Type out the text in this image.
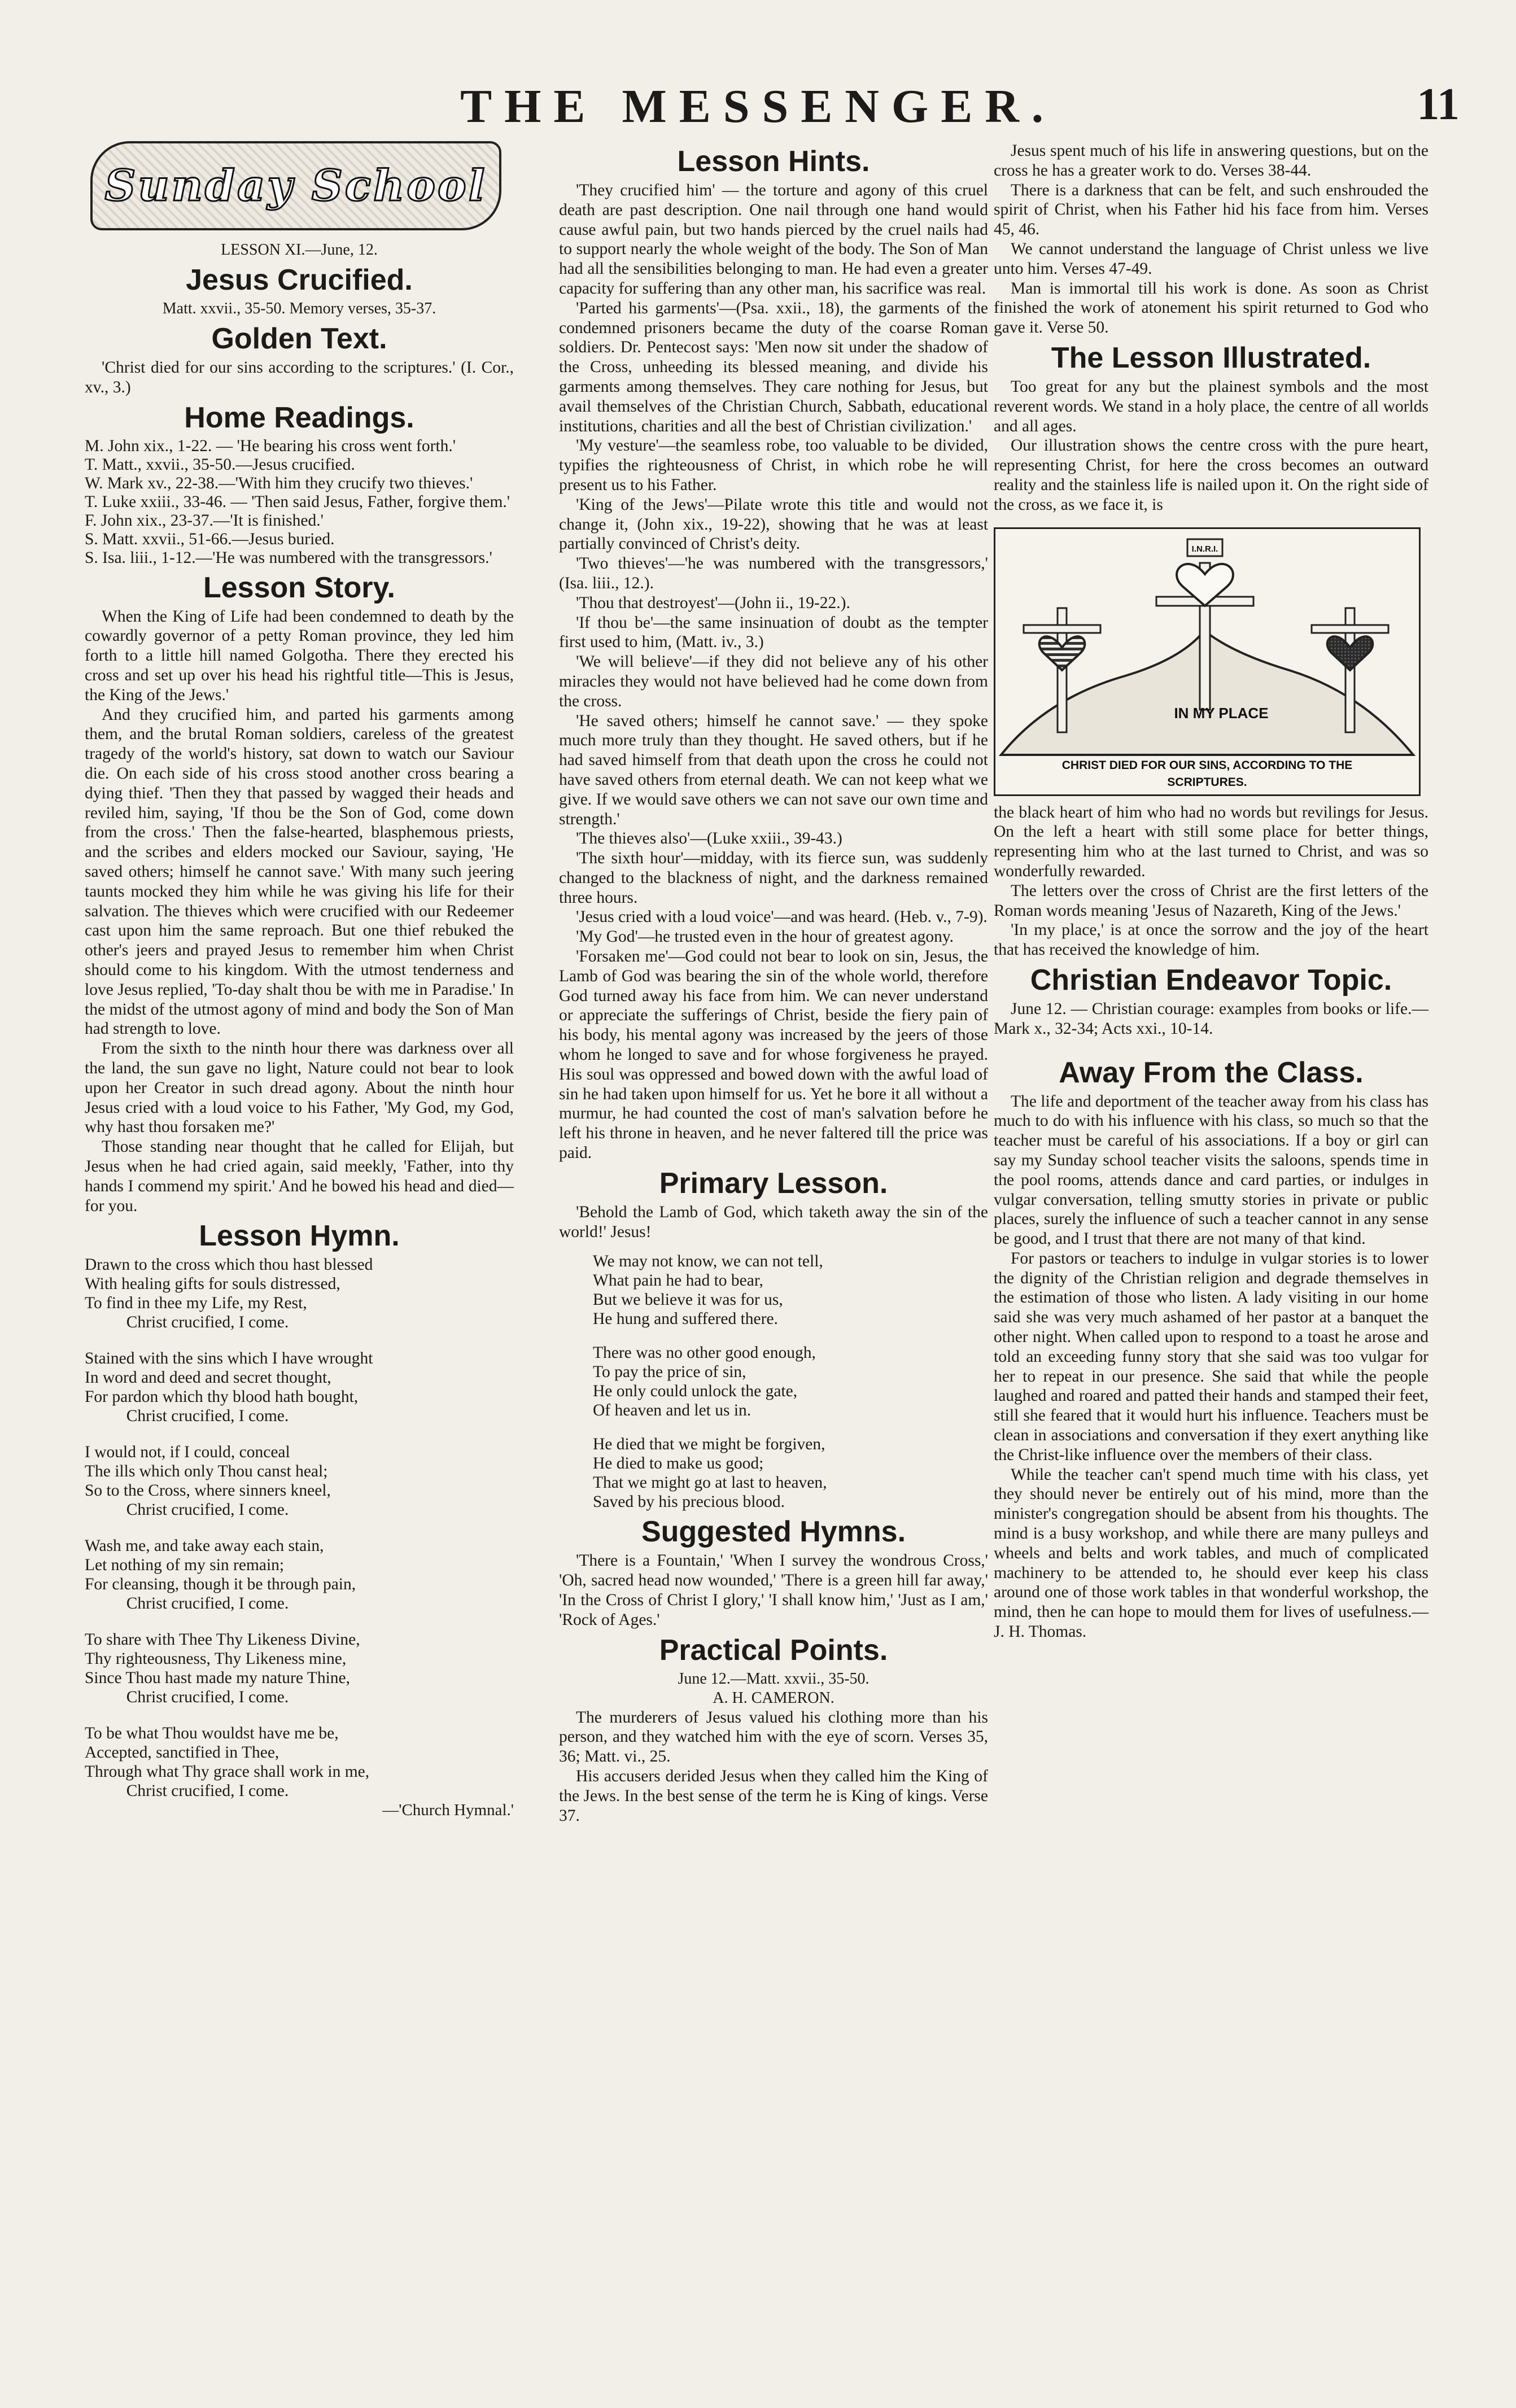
THE MESSENGER.	11
Sunday School

LESSON XI.—June, 12.

Jesus Crucified.

Matt. xxvii., 35-50. Memory verses, 35-37.

Golden Text.

'Christ died for our sins according to the scriptures.' (I. Cor., xv., 3.)

Home Readings.

M. John xix., 1-22. — 'He bearing his cross went forth.'

T. Matt., xxvii., 35-50.—Jesus crucified.

W. Mark xv., 22-38.—'With him they crucify two thieves.'

T. Luke xxiii., 33-46. — 'Then said Jesus, Father, forgive them.'

F. John xix., 23-37.—'It is finished.'

S. Matt. xxvii., 51-66.—Jesus buried.

S. Isa. liii., 1-12.—'He was numbered with the transgressors.'

Lesson Story.

When the King of Life had been condemned to death by the cowardly governor of a petty Roman province, they led him forth to a little hill named Golgotha. There they erected his cross and set up over his head his rightful title—This is Jesus, the King of the Jews.'

And they crucified him, and parted his garments among them, and the brutal Roman soldiers, careless of the greatest tragedy of the world's history, sat down to watch our Saviour die. On each side of his cross stood another cross bearing a dying thief. 'Then they that passed by wagged their heads and reviled him, saying, 'If thou be the Son of God, come down from the cross.' Then the false-hearted, blasphemous priests, and the scribes and elders mocked our Saviour, saying, 'He saved others; himself he cannot save.' With many such jeering taunts mocked they him while he was giving his life for their salvation. The thieves which were crucified with our Redeemer cast upon him the same reproach. But one thief rebuked the other's jeers and prayed Jesus to remember him when Christ should come to his kingdom. With the utmost tenderness and love Jesus replied, 'To-day shalt thou be with me in Paradise.' In the midst of the utmost agony of mind and body the Son of Man had strength to love.

From the sixth to the ninth hour there was darkness over all the land, the sun gave no light, Nature could not bear to look upon her Creator in such dread agony. About the ninth hour Jesus cried with a loud voice to his Father, 'My God, my God, why hast thou forsaken me?'

Those standing near thought that he called for Elijah, but Jesus when he had cried again, said meekly, 'Father, into thy hands I commend my spirit.' And he bowed his head and died—for you.

Lesson Hymn.
Drawn to the cross which thou hast blessed
With healing gifts for souls distressed,
To find in thee my Life, my Rest,
Christ crucified, I come.
Stained with the sins which I have wrought
In word and deed and secret thought,
For pardon which thy blood hath bought,
Christ crucified, I come.
I would not, if I could, conceal
The ills which only Thou canst heal;
So to the Cross, where sinners kneel,
Christ crucified, I come.
Wash me, and take away each stain,
Let nothing of my sin remain;
For cleansing, though it be through pain,
Christ crucified, I come.
To share with Thee Thy Likeness Divine,
Thy righteousness, Thy Likeness mine,
Since Thou hast made my nature Thine,
Christ crucified, I come.
To be what Thou wouldst have me be,
Accepted, sanctified in Thee,
Through what Thy grace shall work in me,
Christ crucified, I come.

—'Church Hymnal.'

Lesson Hints.

'They crucified him' — the torture and agony of this cruel death are past description. One nail through one hand would cause awful pain, but two hands pierced by the cruel nails had to support nearly the whole weight of the body. The Son of Man had all the sensibilities belonging to man. He had even a greater capacity for suffering than any other man, his sacrifice was real.

'Parted his garments'—(Psa. xxii., 18), the garments of the condemned prisoners became the duty of the coarse Roman soldiers. Dr. Pentecost says: 'Men now sit under the shadow of the Cross, unheeding its blessed meaning, and divide his garments among themselves. They care nothing for Jesus, but avail themselves of the Christian Church, Sabbath, educational institutions, charities and all the best of Christian civilization.'

'My vesture'—the seamless robe, too valuable to be divided, typifies the righteousness of Christ, in which robe he will present us to his Father.

'King of the Jews'—Pilate wrote this title and would not change it, (John xix., 19-22), showing that he was at least partially convinced of Christ's deity.

'Two thieves'—'he was numbered with the transgressors,' (Isa. liii., 12.).

'Thou that destroyest'—(John ii., 19-22.).

'If thou be'—the same insinuation of doubt as the tempter first used to him, (Matt. iv., 3.)

'We will believe'—if they did not believe any of his other miracles they would not have believed had he come down from the cross.

'He saved others; himself he cannot save.' — they spoke much more truly than they thought. He saved others, but if he had saved himself from that death upon the cross he could not have saved others from eternal death. We can not keep what we give. If we would save others we can not save our own time and strength.'

'The thieves also'—(Luke xxiii., 39-43.)

'The sixth hour'—midday, with its fierce sun, was suddenly changed to the blackness of night, and the darkness remained three hours.

'Jesus cried with a loud voice'—and was heard. (Heb. v., 7-9).

'My God'—he trusted even in the hour of greatest agony.

'Forsaken me'—God could not bear to look on sin, Jesus, the Lamb of God was bearing the sin of the whole world, therefore God turned away his face from him. We can never understand or appreciate the sufferings of Christ, beside the fiery pain of his body, his mental agony was increased by the jeers of those whom he longed to save and for whose forgiveness he prayed. His soul was oppressed and bowed down with the awful load of sin he had taken upon himself for us. Yet he bore it all without a murmur, he had counted the cost of man's salvation before he left his throne in heaven, and he never faltered till the price was paid.

Primary Lesson.

'Behold the Lamb of God, which taketh away the sin of the world!' Jesus!

We may not know, we can not tell,
What pain he had to bear,
But we believe it was for us,
He hung and suffered there.
There was no other good enough,
To pay the price of sin,
He only could unlock the gate,
Of heaven and let us in.
He died that we might be forgiven,
He died to make us good;
That we might go at last to heaven,
Saved by his precious blood.
Suggested Hymns.

'There is a Fountain,' 'When I survey the wondrous Cross,' 'Oh, sacred head now wounded,' 'There is a green hill far away,' 'In the Cross of Christ I glory,' 'I shall know him,' 'Just as I am,' 'Rock of Ages.'

Practical Points.

June 12.—Matt. xxvii., 35-50.

A. H. CAMERON.

The murderers of Jesus valued his clothing more than his person, and they watched him with the eye of scorn. Verses 35, 36; Matt. vi., 25.

His accusers derided Jesus when they called him the King of the Jews. In the best sense of the term he is King of kings. Verse 37.

Jesus spent much of his life in answering questions, but on the cross he has a greater work to do. Verses 38-44.

There is a darkness that can be felt, and such enshrouded the spirit of Christ, when his Father hid his face from him. Verses 45, 46.

We cannot understand the language of Christ unless we live unto him. Verses 47-49.

Man is immortal till his work is done. As soon as Christ finished the work of atonement his spirit returned to God who gave it. Verse 50.

The Lesson Illustrated.

Too great for any but the plainest symbols and the most reverent words. We stand in a holy place, the centre of all worlds and all ages.

Our illustration shows the centre cross with the pure heart, representing Christ, for here the cross becomes an outward reality and the stainless life is nailed upon it. On the right side of the cross, as we face it, is

I.N.R.I.
IN MY PLACE
CHRIST DIED FOR OUR SINS, ACCORDING TO THE
SCRIPTURES.

the black heart of him who had no words but revilings for Jesus. On the left a heart with still some place for better things, representing him who at the last turned to Christ, and was so wonderfully rewarded.

The letters over the cross of Christ are the first letters of the Roman words meaning 'Jesus of Nazareth, King of the Jews.'

'In my place,' is at once the sorrow and the joy of the heart that has received the knowledge of him.

Christian Endeavor Topic.

June 12. — Christian courage: examples from books or life.—Mark x., 32-34; Acts xxi., 10-14.

Away From the Class.

The life and deportment of the teacher away from his class has much to do with his influence with his class, so much so that the teacher must be careful of his associations. If a boy or girl can say my Sunday school teacher visits the saloons, spends time in the pool rooms, attends dance and card parties, or indulges in vulgar conversation, telling smutty stories in private or public places, surely the influence of such a teacher cannot in any sense be good, and I trust that there are not many of that kind.

For pastors or teachers to indulge in vulgar stories is to lower the dignity of the Christian religion and degrade themselves in the estimation of those who listen. A lady visiting in our home said she was very much ashamed of her pastor at a banquet the other night. When called upon to respond to a toast he arose and told an exceeding funny story that she said was too vulgar for her to repeat in our presence. She said that while the people laughed and roared and patted their hands and stamped their feet, still she feared that it would hurt his influence. Teachers must be clean in associations and conversation if they exert anything like the Christ-like influence over the members of their class.

While the teacher can't spend much time with his class, yet they should never be entirely out of his mind, more than the minister's congregation should be absent from his thoughts. The mind is a busy workshop, and while there are many pulleys and wheels and belts and work tables, and much of complicated machinery to be attended to, he should ever keep his class around one of those work tables in that wonderful workshop, the mind, then he can hope to mould them for lives of usefulness.—J. H. Thomas.
